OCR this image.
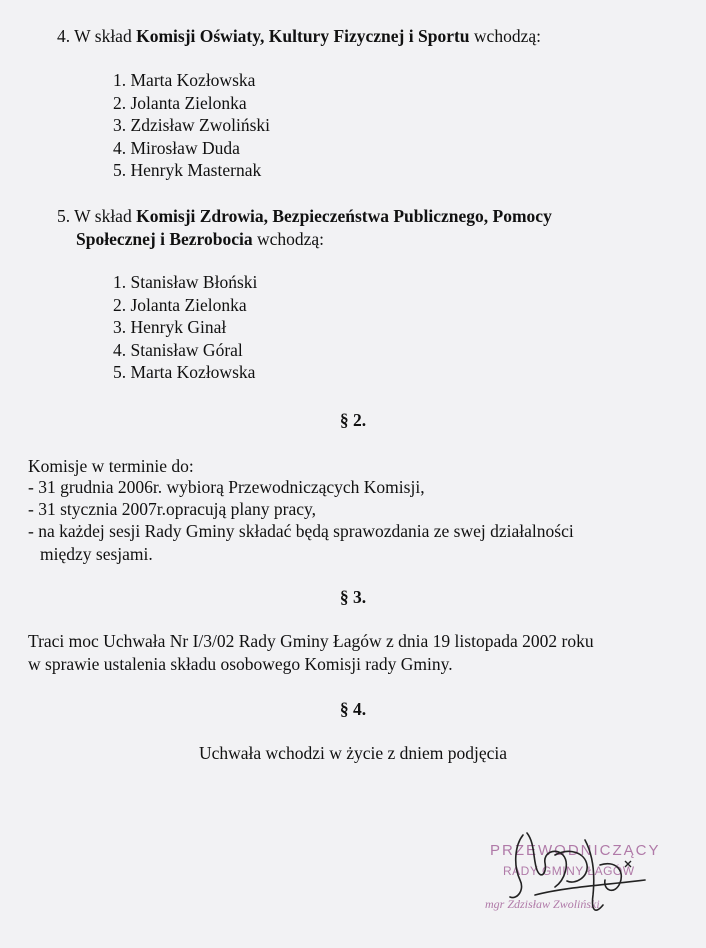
4. W skład Komisji Oświaty, Kultury Fizycznej i Sportu wchodzą:
1. Marta Kozłowska
2. Jolanta Zielonka
3. Zdzisław Zwoliński
4. Mirosław Duda
5. Henryk Masternak
5. W skład Komisji Zdrowia, Bezpieczeństwa Publicznego, Pomocy
Społecznej i Bezrobocia wchodzą:
1. Stanisław Błoński
2. Jolanta Zielonka
3. Henryk Ginał
4. Stanisław Góral
5. Marta Kozłowska
§ 2.
Komisje w terminie do:
- 31 grudnia 2006r. wybiorą Przewodniczących Komisji,
- 31 stycznia 2007r.opracują plany pracy,
- na każdej sesji Rady Gminy składać będą sprawozdania ze swej działalności
między sesjami.
§ 3.
Traci moc Uchwała Nr I/3/02 Rady Gminy Łagów z dnia 19 listopada 2002 roku
w sprawie ustalenia składu osobowego Komisji rady Gminy.
§ 4.
Uchwała wchodzi w życie z dniem podjęcia
PRZEWODNICZĄCY
RADY GMINY ŁAGÓW
mgr Zdzisław Zwoliński
